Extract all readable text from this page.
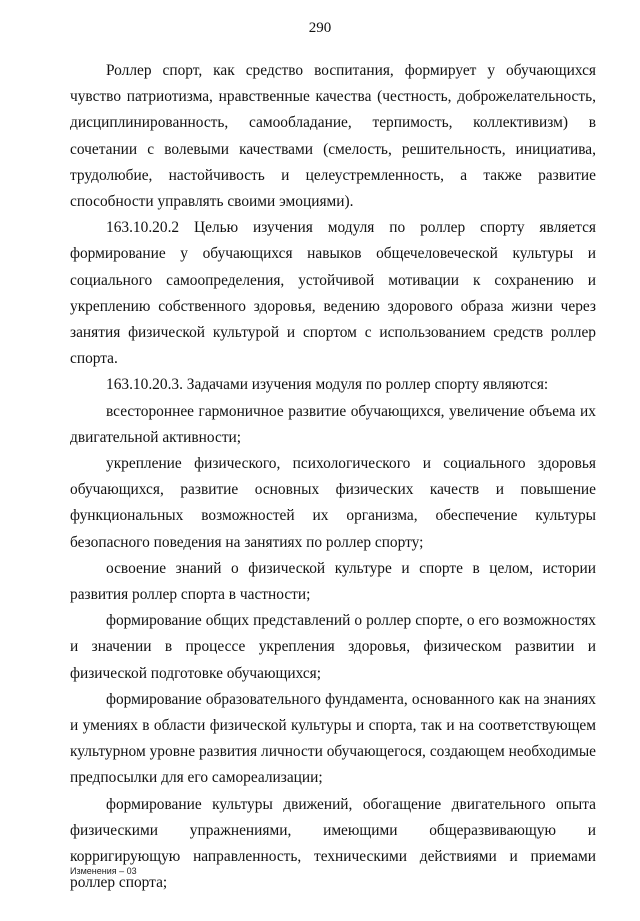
290

Роллер спорт, как средство воспитания, формирует у обучающихся чувство патриотизма, нравственные качества (честность, доброжелательность, дисциплинированность, самообладание, терпимость, коллективизм) в сочетании с волевыми качествами (смелость, решительность, инициатива, трудолюбие, настойчивость и целеустремленность, а также развитие способности управлять своими эмоциями).

163.10.20.2 Целью изучения модуля по роллер спорту является формирование у обучающихся навыков общечеловеческой культуры и социального самоопределения, устойчивой мотивации к сохранению и укреплению собственного здоровья, ведению здорового образа жизни через занятия физической культурой и спортом с использованием средств роллер спорта.

163.10.20.3. Задачами изучения модуля по роллер спорту являются:

всестороннее гармоничное развитие обучающихся, увеличение объема их двигательной активности;

укрепление физического, психологического и социального здоровья обучающихся, развитие основных физических качеств и повышение функциональных возможностей их организма, обеспечение культуры безопасного поведения на занятиях по роллер спорту;

освоение знаний о физической культуре и спорте в целом, истории развития роллер спорта в частности;

формирование общих представлений о роллер спорте, о его возможностях и значении в процессе укрепления здоровья, физическом развитии и физической подготовке обучающихся;

формирование образовательного фундамента, основанного как на знаниях и умениях в области физической культуры и спорта, так и на соответствующем культурном уровне развития личности обучающегося, создающем необходимые предпосылки для его самореализации;

формирование культуры движений, обогащение двигательного опыта физическими упражнениями, имеющими общеразвивающую и корригирующую направленность, техническими действиями и приемами роллер спорта;

Изменения – 03
